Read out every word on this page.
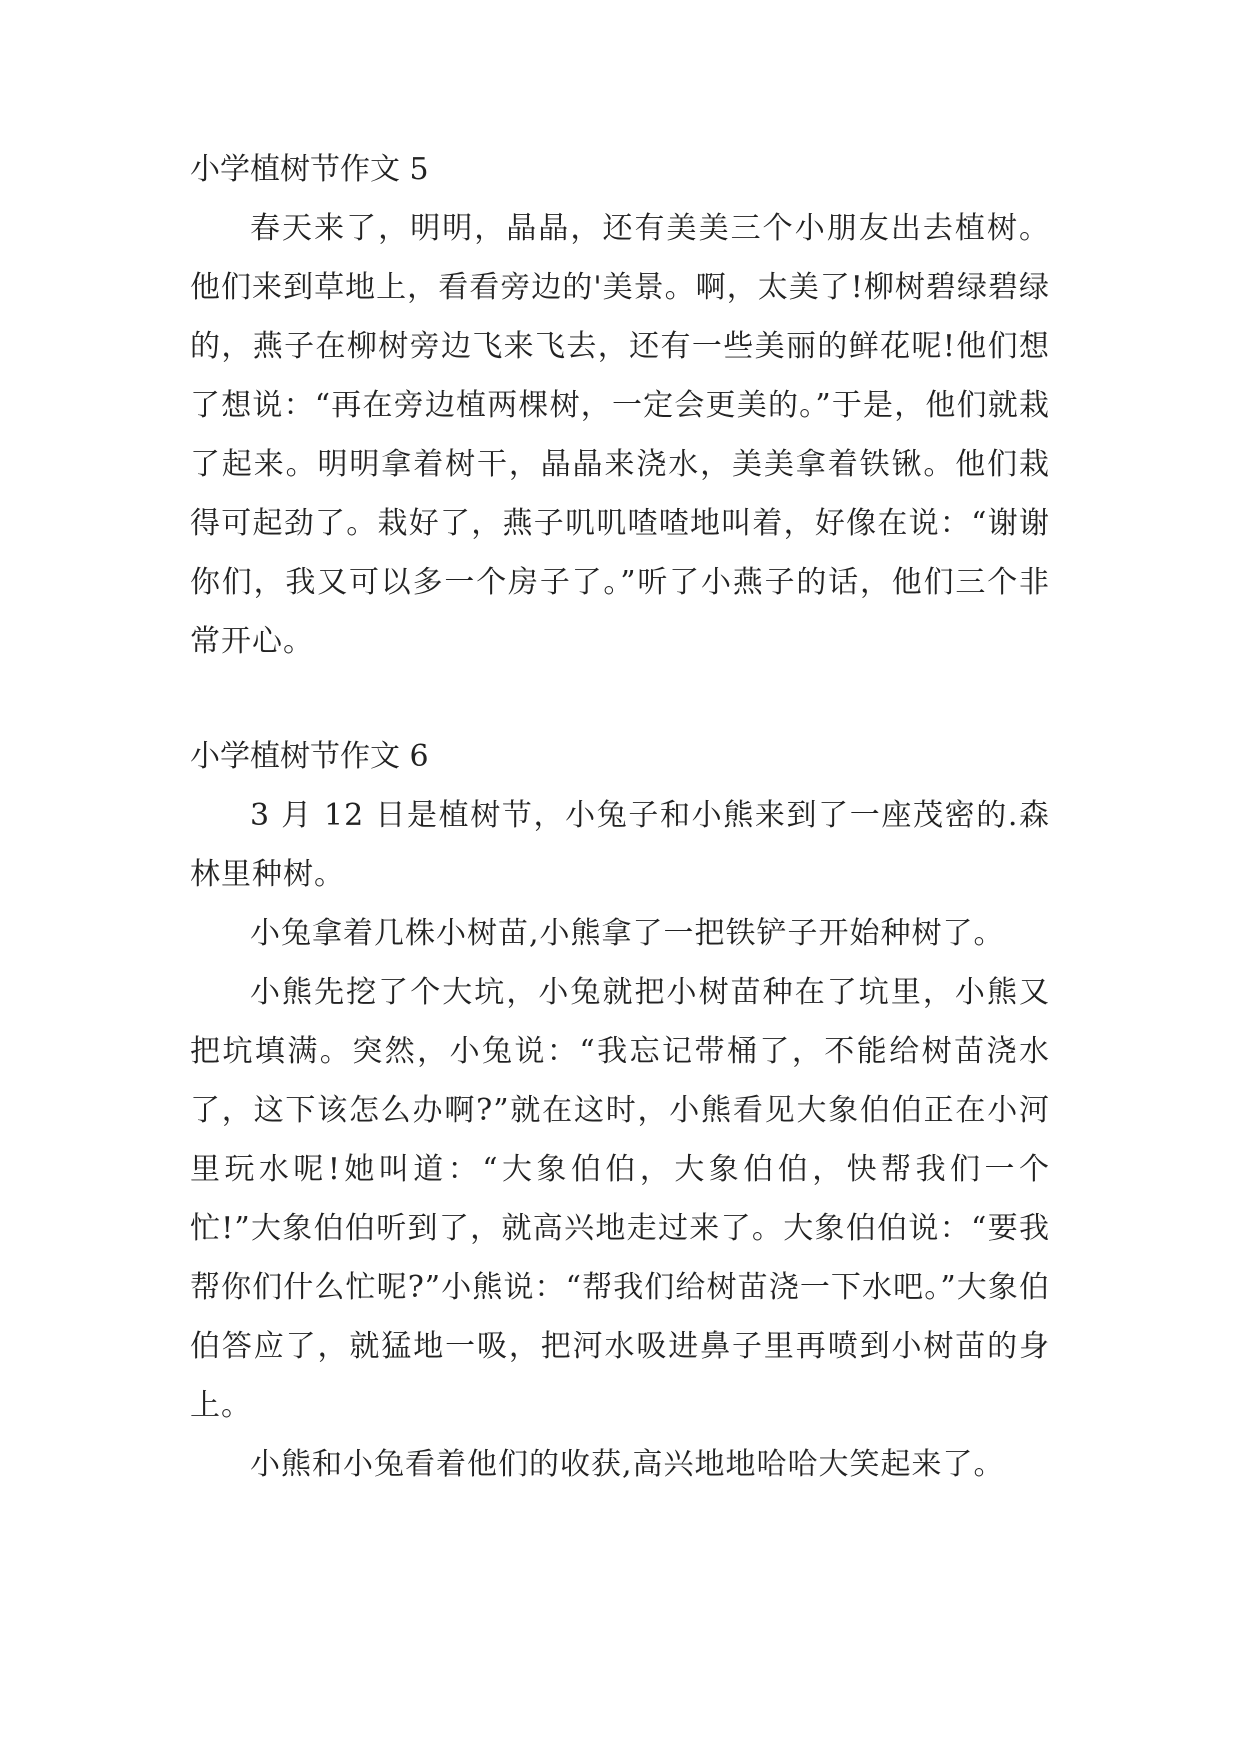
小学植树节作文 5

春天来了，明明，晶晶，还有美美三个小朋友出去植树。他们来到草地上，看看旁边的'美景。啊，太美了!柳树碧绿碧绿的，燕子在柳树旁边飞来飞去，还有一些美丽的鲜花呢!他们想了想说：“再在旁边植两棵树，一定会更美的。”于是，他们就栽了起来。明明拿着树干，晶晶来浇水，美美拿着铁锹。他们栽得可起劲了。栽好了，燕子叽叽喳喳地叫着，好像在说：“谢谢你们，我又可以多一个房子了。”听了小燕子的话，他们三个非常开心。

小学植树节作文 6

3 月 12 日是植树节，小兔子和小熊来到了一座茂密的.森林里种树。

小兔拿着几株小树苗,小熊拿了一把铁铲子开始种树了。

小熊先挖了个大坑，小兔就把小树苗种在了坑里，小熊又把坑填满。突然，小兔说：“我忘记带桶了，不能给树苗浇水了，这下该怎么办啊?”就在这时，小熊看见大象伯伯正在小河里玩水呢!她叫道：“大象伯伯，大象伯伯，快帮我们一个忙!”大象伯伯听到了，就高兴地走过来了。大象伯伯说：“要我帮你们什么忙呢?”小熊说：“帮我们给树苗浇一下水吧。”大象伯伯答应了，就猛地一吸，把河水吸进鼻子里再喷到小树苗的身上。

小熊和小兔看着他们的收获,高兴地地哈哈大笑起来了。
